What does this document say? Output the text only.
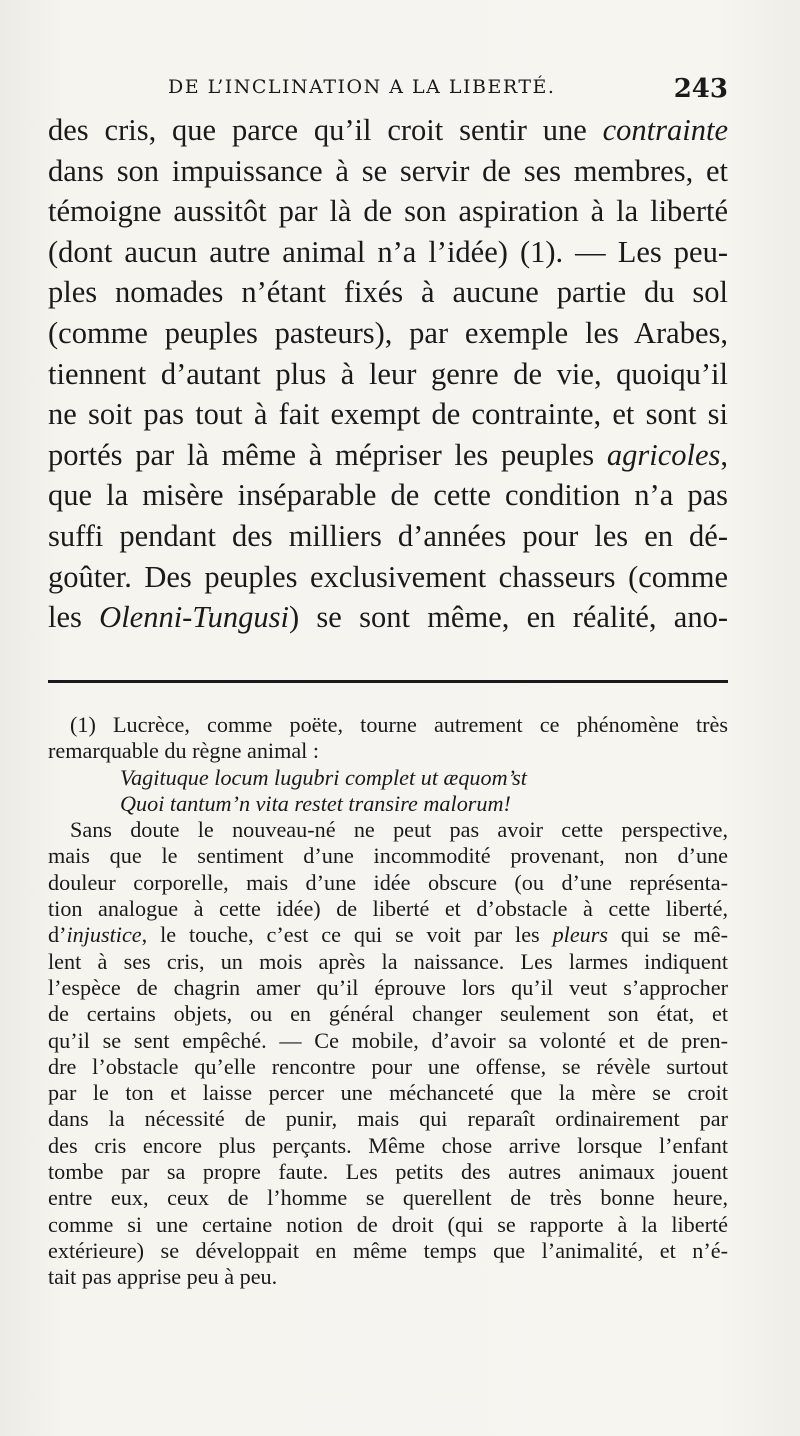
DE L’INCLINATION A LA LIBERTÉ.	243
des cris, que parce qu’il croit sentir une contrainte
dans son impuissance à se servir de ses membres, et
témoigne aussitôt par là de son aspiration à la liberté
(dont aucun autre animal n’a l’idée) (1). — Les peu-
ples nomades n’étant fixés à aucune partie du sol
(comme peuples pasteurs), par exemple les Arabes,
tiennent d’autant plus à leur genre de vie, quoiqu’il
ne soit pas tout à fait exempt de contrainte, et sont si
portés par là même à mépriser les peuples agricoles,
que la misère inséparable de cette condition n’a pas
suffi pendant des milliers d’années pour les en dé-
goûter. Des peuples exclusivement chasseurs (comme
les Olenni-Tungusi) se sont même, en réalité, ano-
(1) Lucrèce, comme poëte, tourne autrement ce phénomène très
remarquable du règne animal :
Vagituque locum lugubri complet ut æquom’st
Quoi tantum’n vita restet transire malorum!
Sans doute le nouveau-né ne peut pas avoir cette perspective,
mais que le sentiment d’une incommodité provenant, non d’une
douleur corporelle, mais d’une idée obscure (ou d’une représenta-
tion analogue à cette idée) de liberté et d’obstacle à cette liberté,
d’injustice, le touche, c’est ce qui se voit par les pleurs qui se mê-
lent à ses cris, un mois après la naissance. Les larmes indiquent
l’espèce de chagrin amer qu’il éprouve lors qu’il veut s’approcher
de certains objets, ou en général changer seulement son état, et
qu’il se sent empêché. — Ce mobile, d’avoir sa volonté et de pren-
dre l’obstacle qu’elle rencontre pour une offense, se révèle surtout
par le ton et laisse percer une méchanceté que la mère se croit
dans la nécessité de punir, mais qui reparaît ordinairement par
des cris encore plus perçants. Même chose arrive lorsque l’enfant
tombe par sa propre faute. Les petits des autres animaux jouent
entre eux, ceux de l’homme se querellent de très bonne heure,
comme si une certaine notion de droit (qui se rapporte à la liberté
extérieure) se développait en même temps que l’animalité, et n’é-
tait pas apprise peu à peu.
